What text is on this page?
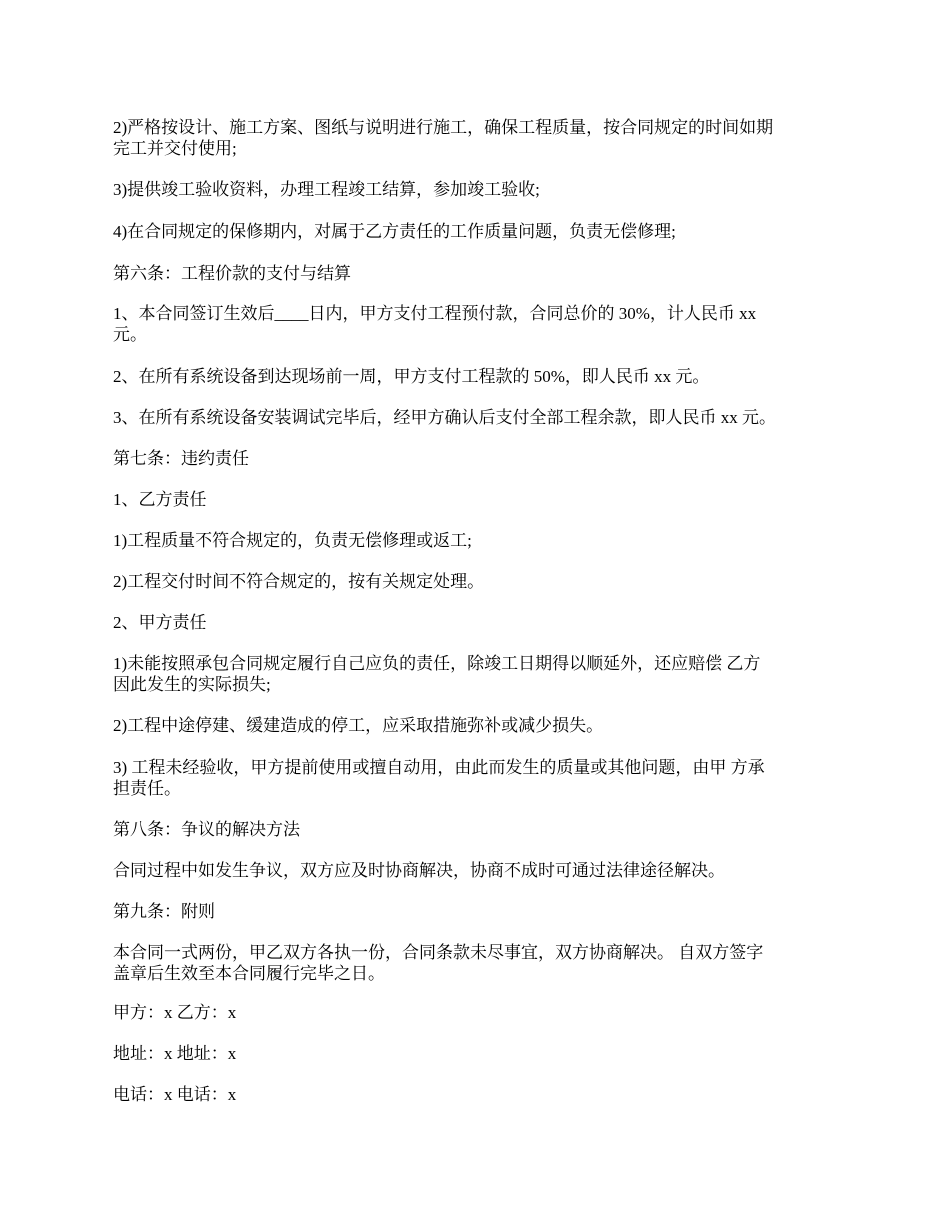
2)严格按设计、施工方案、图纸与说明进行施工，确保工程质量，按合同规定的时间如期
完工并交付使用;
3)提供竣工验收资料，办理工程竣工结算，参加竣工验收;
4)在合同规定的保修期内，对属于乙方责任的工作质量问题，负责无偿修理;
第六条：工程价款的支付与结算
1、本合同签订生效后____日内，甲方支付工程预付款，合同总价的 30%，计人民币 xx
元。
2、在所有系统设备到达现场前一周，甲方支付工程款的 50%，即人民币 xx 元。
3、在所有系统设备安装调试完毕后，经甲方确认后支付全部工程余款，即人民币 xx 元。
第七条：违约责任
1、乙方责任
1)工程质量不符合规定的，负责无偿修理或返工;
2)工程交付时间不符合规定的，按有关规定处理。
2、甲方责任
1)未能按照承包合同规定履行自己应负的责任，除竣工日期得以顺延外，还应赔偿 乙方
因此发生的实际损失;
2)工程中途停建、缓建造成的停工，应采取措施弥补或减少损失。
3) 工程未经验收，甲方提前使用或擅自动用，由此而发生的质量或其他问题，由甲 方承
担责任。
第八条：争议的解决方法
合同过程中如发生争议，双方应及时协商解决，协商不成时可通过法律途径解决。
第九条：附则
本合同一式两份，甲乙双方各执一份，合同条款未尽事宜，双方协商解决。 自双方签字
盖章后生效至本合同履行完毕之日。
甲方：x 乙方：x
地址：x 地址：x
电话：x 电话：x
